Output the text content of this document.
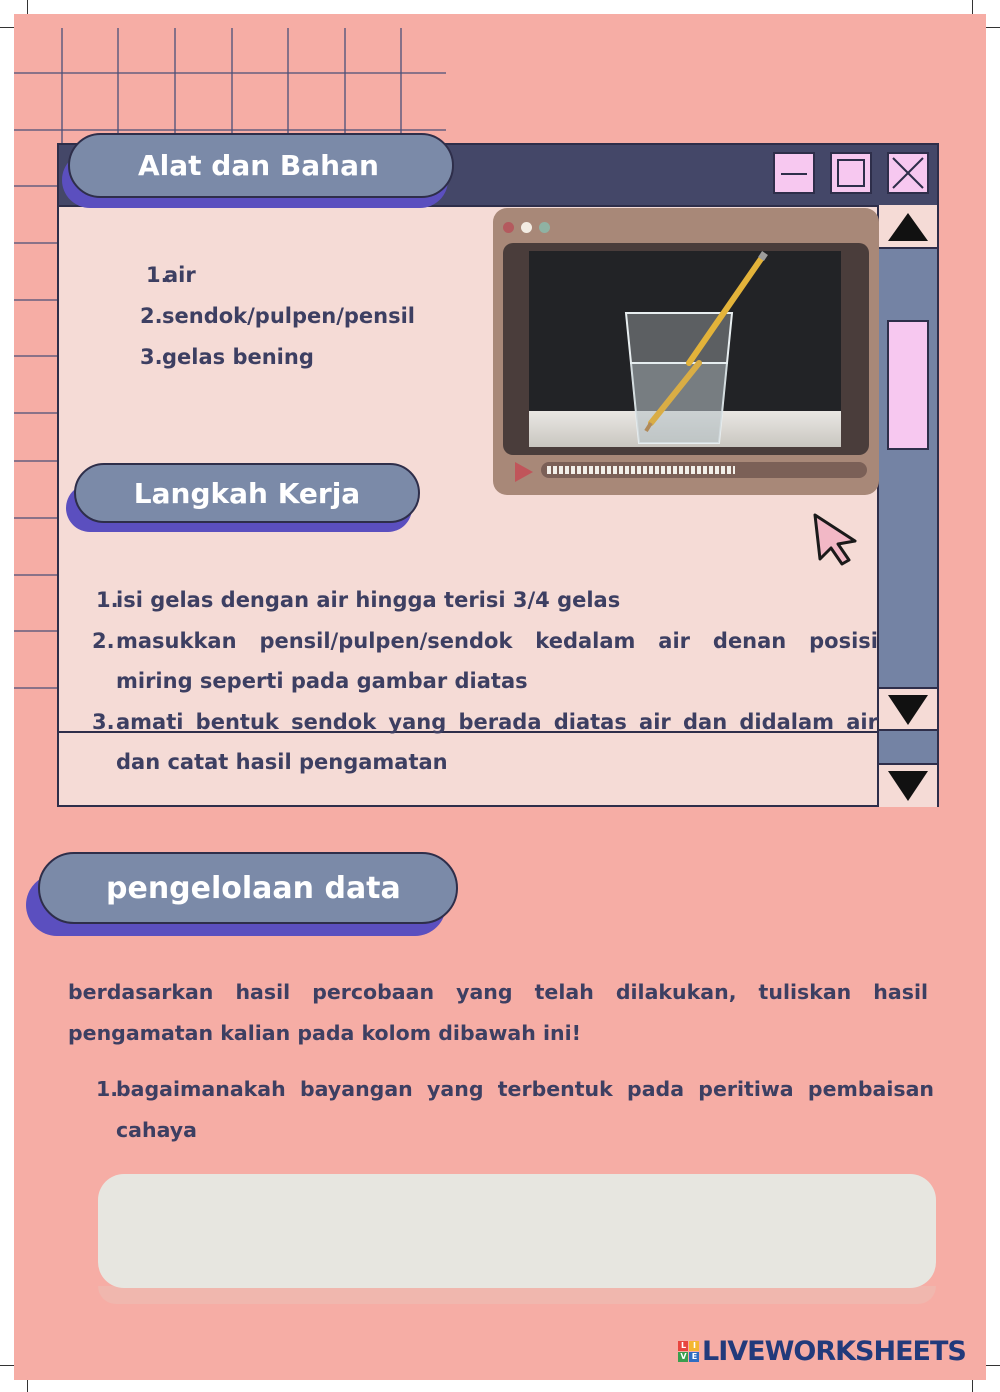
Alat dan Bahan
1.
air
2. sendok/pulpen/pensil
3. gelas bening
Langkah Kerja
1.
isi gelas dengan air hingga terisi 3/4 gelas
2. masukkan pensil/pulpen/sendok kedalam air denan posisi miring seperti pada gambar diatas
3. amati bentuk sendok yang berada diatas air dan didalam air dan catat hasil pengamatan
pengelolaan data
berdasarkan hasil percobaan yang telah dilakukan, tuliskan hasil pengamatan kalian pada kolom dibawah ini!
1.
bagaimanakah bayangan yang terbentuk pada peritiwa pembaisan cahaya
L I
V E LIVEWORKSHEETS
